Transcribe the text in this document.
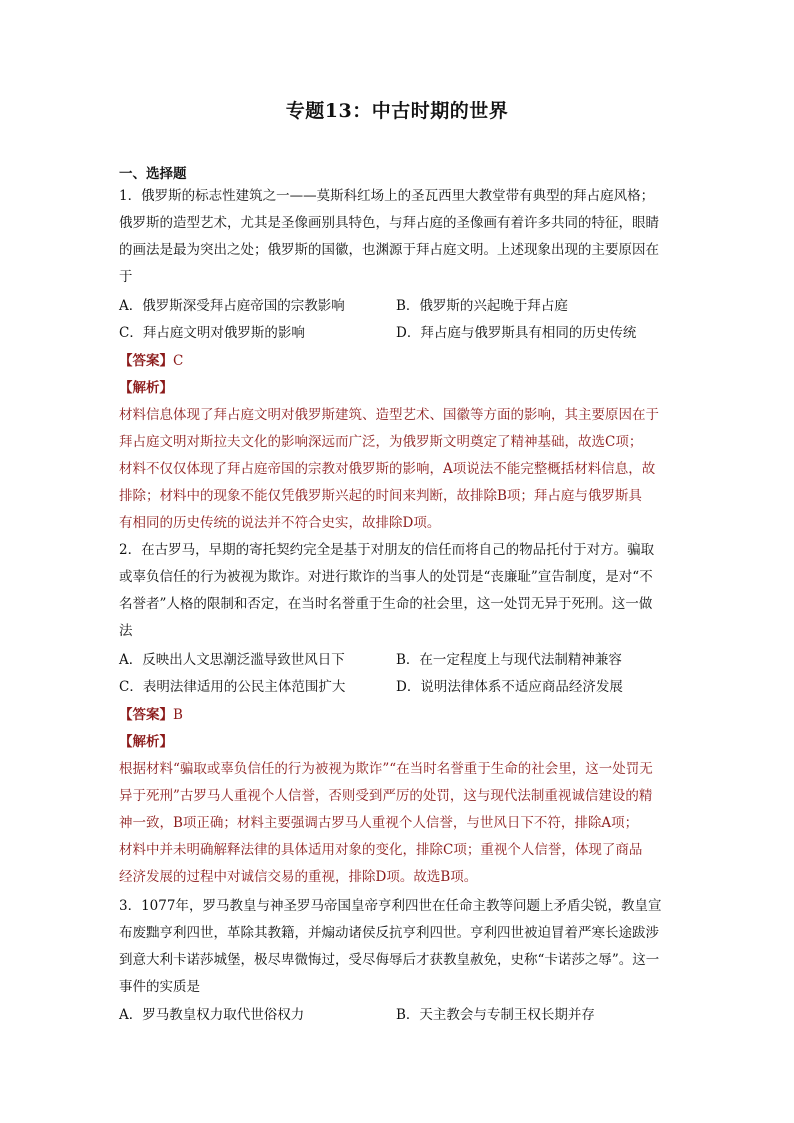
专题13：中古时期的世界
一、选择题
1．俄罗斯的标志性建筑之一——莫斯科红场上的圣瓦西里大教堂带有典型的拜占庭风格；
俄罗斯的造型艺术，尤其是圣像画别具特色，与拜占庭的圣像画有着许多共同的特征，眼睛
的画法是最为突出之处；俄罗斯的国徽，也渊源于拜占庭文明。上述现象出现的主要原因在
于
A．俄罗斯深受拜占庭帝国的宗教影响	B．俄罗斯的兴起晚于拜占庭
C．拜占庭文明对俄罗斯的影响	D．拜占庭与俄罗斯具有相同的历史传统
【答案】C
【解析】
材料信息体现了拜占庭文明对俄罗斯建筑、造型艺术、国徽等方面的影响，其主要原因在于
拜占庭文明对斯拉夫文化的影响深远而广泛，为俄罗斯文明奠定了精神基础，故选C项；
材料不仅仅体现了拜占庭帝国的宗教对俄罗斯的影响，A项说法不能完整概括材料信息，故
排除；材料中的现象不能仅凭俄罗斯兴起的时间来判断，故排除B项；拜占庭与俄罗斯具
有相同的历史传统的说法并不符合史实，故排除D项。
2．在古罗马，早期的寄托契约完全是基于对朋友的信任而将自己的物品托付于对方。骗取
或辜负信任的行为被视为欺诈。对进行欺诈的当事人的处罚是“丧廉耻”宣告制度，是对“不
名誉者”人格的限制和否定，在当时名誉重于生命的社会里，这一处罚无异于死刑。这一做
法
A．反映出人文思潮泛滥导致世风日下	B．在一定程度上与现代法制精神兼容
C．表明法律适用的公民主体范围扩大	D．说明法律体系不适应商品经济发展
【答案】B
【解析】
根据材料“骗取或辜负信任的行为被视为欺诈”“在当时名誉重于生命的社会里，这一处罚无
异于死刑”古罗马人重视个人信誉，否则受到严厉的处罚，这与现代法制重视诚信建设的精
神一致，B项正确；材料主要强调古罗马人重视个人信誉，与世风日下不符，排除A项；
材料中并未明确解释法律的具体适用对象的变化，排除C项；重视个人信誉，体现了商品
经济发展的过程中对诚信交易的重视，排除D项。故选B项。
3．1077年，罗马教皇与神圣罗马帝国皇帝亨利四世在任命主教等问题上矛盾尖锐，教皇宣
布废黜亨利四世，革除其教籍，并煽动诸侯反抗亨利四世。亨利四世被迫冒着严寒长途跋涉
到意大利卡诺莎城堡，极尽卑微悔过，受尽侮辱后才获教皇赦免，史称“卡诺莎之辱”。这一
事件的实质是
A．罗马教皇权力取代世俗权力	B．天主教会与专制王权长期并存
